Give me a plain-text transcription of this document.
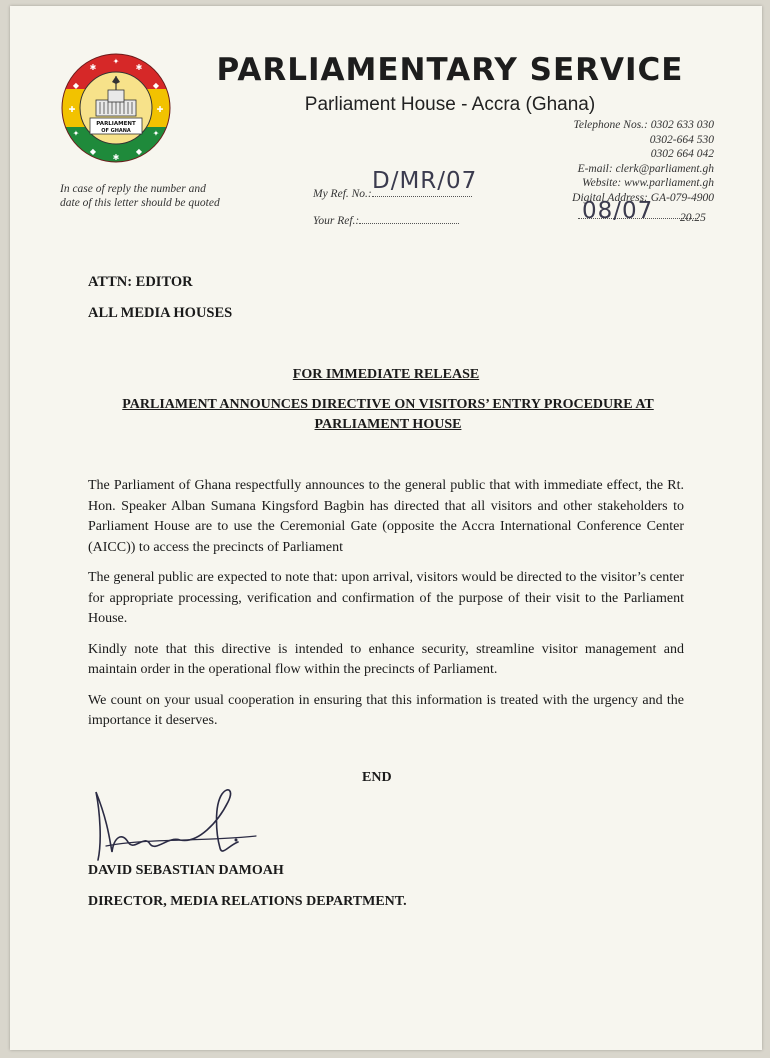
PARLIAMENT
OF GHANA
✦
✱	✱
◆	◆
✚	✚
✦	✦
◆	◆
✱
PARLIAMENTARY SERVICE
Parliament House - Accra (Ghana)
Telephone Nos.: 0302 633 030
0302-664 530
0302 664 042
E-mail: clerk@parliament.gh
Website: www.parliament.gh
Digital Address: GA-079-4900
In case of reply the number and date of this letter should be quoted
My Ref. No.: D/MR/07
Your Ref.:	08/07 20.25
ATTN: EDITOR
ALL MEDIA HOUSES
FOR IMMEDIATE RELEASE
PARLIAMENT ANNOUNCES DIRECTIVE ON VISITORS’ ENTRY PROCEDURE AT PARLIAMENT HOUSE

The Parliament of Ghana respectfully announces to the general public that with immediate effect, the Rt. Hon. Speaker Alban Sumana Kingsford Bagbin has directed that all visitors and other stakeholders to Parliament House are to use the Ceremonial Gate (opposite the Accra International Conference Center (AICC)) to access the precincts of Parliament

The general public are expected to note that: upon arrival, visitors would be directed to the visitor’s center for appropriate processing, verification and confirmation of the purpose of their visit to the Parliament House.

Kindly note that this directive is intended to enhance security, streamline visitor management and maintain order in the operational flow within the precincts of Parliament.

We count on your usual cooperation in ensuring that this information is treated with the urgency and the importance it deserves.

END
DAVID SEBASTIAN DAMOAH
DIRECTOR, MEDIA RELATIONS DEPARTMENT.
